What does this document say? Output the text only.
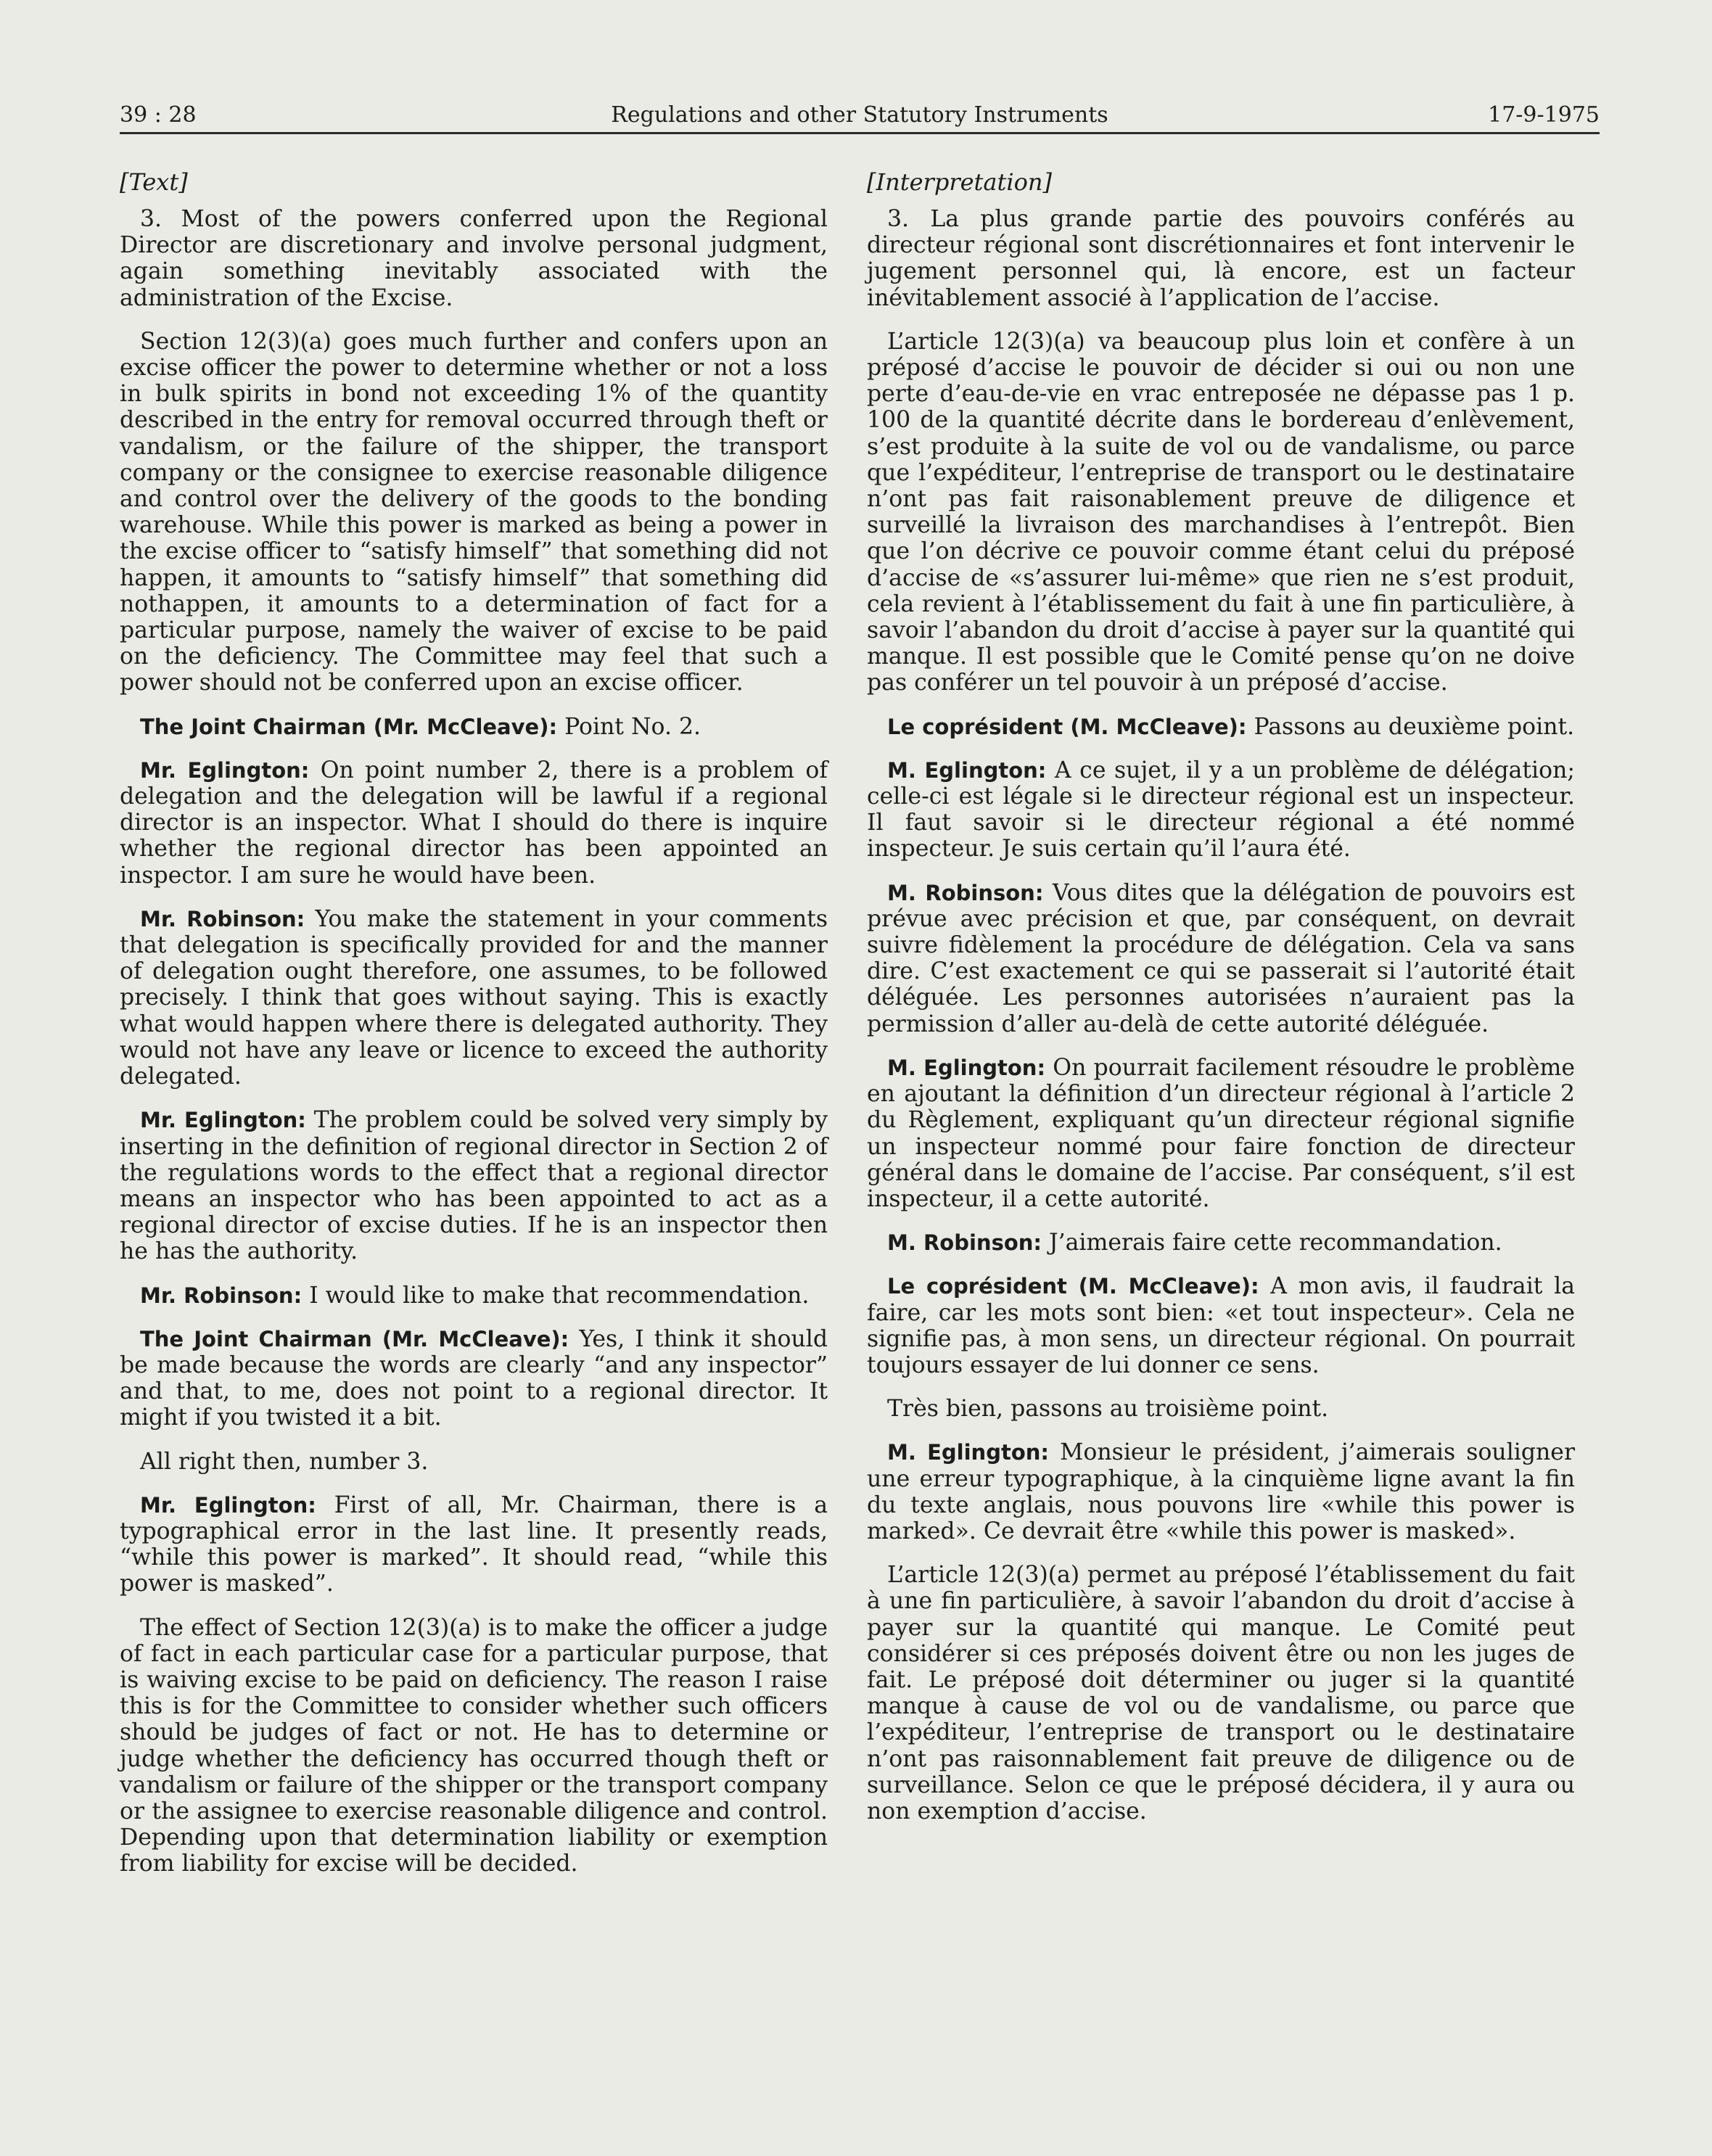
39 : 28	Regulations and other Statutory Instruments	17-9-1975
[Text]

3. Most of the powers conferred upon the Regional Director are discretionary and involve personal judgment, again something inevitably associated with the administration of the Excise.

Section 12(3)(a) goes much further and confers upon an excise officer the power to determine whether or not a loss in bulk spirits in bond not exceeding 1% of the quantity described in the entry for removal occurred through theft or vandalism, or the failure of the shipper, the transport company or the consignee to exercise reasonable diligence and control over the delivery of the goods to the bonding warehouse. While this power is marked as being a power in the excise officer to “satisfy himself” that something did not happen, it amounts to “satisfy himself” that something did nothappen, it amounts to a determination of fact for a particular purpose, namely the waiver of excise to be paid on the deficiency. The Committee may feel that such a power should not be conferred upon an excise officer.

The Joint Chairman (Mr. McCleave): Point No. 2.

Mr. Eglington: On point number 2, there is a problem of delegation and the delegation will be lawful if a regional director is an inspector. What I should do there is inquire whether the regional director has been appointed an inspector. I am sure he would have been.

Mr. Robinson: You make the statement in your comments that delegation is specifically provided for and the manner of delegation ought therefore, one assumes, to be followed precisely. I think that goes without saying. This is exactly what would happen where there is delegated authority. They would not have any leave or licence to exceed the authority delegated.

Mr. Eglington: The problem could be solved very simply by inserting in the definition of regional director in Section 2 of the regulations words to the effect that a regional director means an inspector who has been appointed to act as a regional director of excise duties. If he is an inspector then he has the authority.

Mr. Robinson: I would like to make that recommendation.

The Joint Chairman (Mr. McCleave): Yes, I think it should be made because the words are clearly “and any inspector” and that, to me, does not point to a regional director. It might if you twisted it a bit.

All right then, number 3.

Mr. Eglington: First of all, Mr. Chairman, there is a typographical error in the last line. It presently reads, “while this power is marked”. It should read, “while this power is masked”.

The effect of Section 12(3)(a) is to make the officer a judge of fact in each particular case for a particular purpose, that is waiving excise to be paid on deficiency. The reason I raise this is for the Committee to consider whether such officers should be judges of fact or not. He has to determine or judge whether the deficiency has occurred though theft or vandalism or failure of the shipper or the transport company or the assignee to exercise reasonable diligence and control. Depending upon that determination liability or exemption from liability for excise will be decided.

[Interpretation]

3. La plus grande partie des pouvoirs conférés au directeur régional sont discrétionnaires et font intervenir le jugement personnel qui, là encore, est un facteur inévitablement associé à l’application de l’accise.

L’article 12(3)(a) va beaucoup plus loin et confère à un préposé d’accise le pouvoir de décider si oui ou non une perte d’eau-de-vie en vrac entreposée ne dépasse pas 1 p. 100 de la quantité décrite dans le bordereau d’enlèvement, s’est produite à la suite de vol ou de vandalisme, ou parce que l’expéditeur, l’entreprise de transport ou le destinataire n’ont pas fait raisonablement preuve de diligence et surveillé la livraison des marchandises à l’entrepôt. Bien que l’on décrive ce pouvoir comme étant celui du préposé d’accise de «s’assurer lui-même» que rien ne s’est produit, cela revient à l’établissement du fait à une fin particulière, à savoir l’abandon du droit d’accise à payer sur la quantité qui manque. Il est possible que le Comité pense qu’on ne doive pas conférer un tel pouvoir à un préposé d’accise.

Le coprésident (M. McCleave): Passons au deuxième point.

M. Eglington: A ce sujet, il y a un problème de délégation; celle-ci est légale si le directeur régional est un inspecteur. Il faut savoir si le directeur régional a été nommé inspecteur. Je suis certain qu’il l’aura été.

M. Robinson: Vous dites que la délégation de pouvoirs est prévue avec précision et que, par conséquent, on devrait suivre fidèlement la procédure de délégation. Cela va sans dire. C’est exactement ce qui se passerait si l’autorité était déléguée. Les personnes autorisées n’auraient pas la permission d’aller au-delà de cette autorité déléguée.

M. Eglington: On pourrait facilement résoudre le problème en ajoutant la définition d’un directeur régional à l’article 2 du Règlement, expliquant qu’un directeur régional signifie un inspecteur nommé pour faire fonction de directeur général dans le domaine de l’accise. Par conséquent, s’il est inspecteur, il a cette autorité.

M. Robinson: J’aimerais faire cette recommandation.

Le coprésident (M. McCleave): A mon avis, il faudrait la faire, car les mots sont bien: «et tout inspecteur». Cela ne signifie pas, à mon sens, un directeur régional. On pourrait toujours essayer de lui donner ce sens.

Très bien, passons au troisième point.

M. Eglington: Monsieur le président, j’aimerais souligner une erreur typographique, à la cinquième ligne avant la fin du texte anglais, nous pouvons lire «while this power is marked». Ce devrait être «while this power is masked».

L’article 12(3)(a) permet au préposé l’établissement du fait à une fin particulière, à savoir l’abandon du droit d’accise à payer sur la quantité qui manque. Le Comité peut considérer si ces préposés doivent être ou non les juges de fait. Le préposé doit déterminer ou juger si la quantité manque à cause de vol ou de vandalisme, ou parce que l’expéditeur, l’entreprise de transport ou le destinataire n’ont pas raisonnablement fait preuve de diligence ou de surveillance. Selon ce que le préposé décidera, il y aura ou non exemption d’accise.
